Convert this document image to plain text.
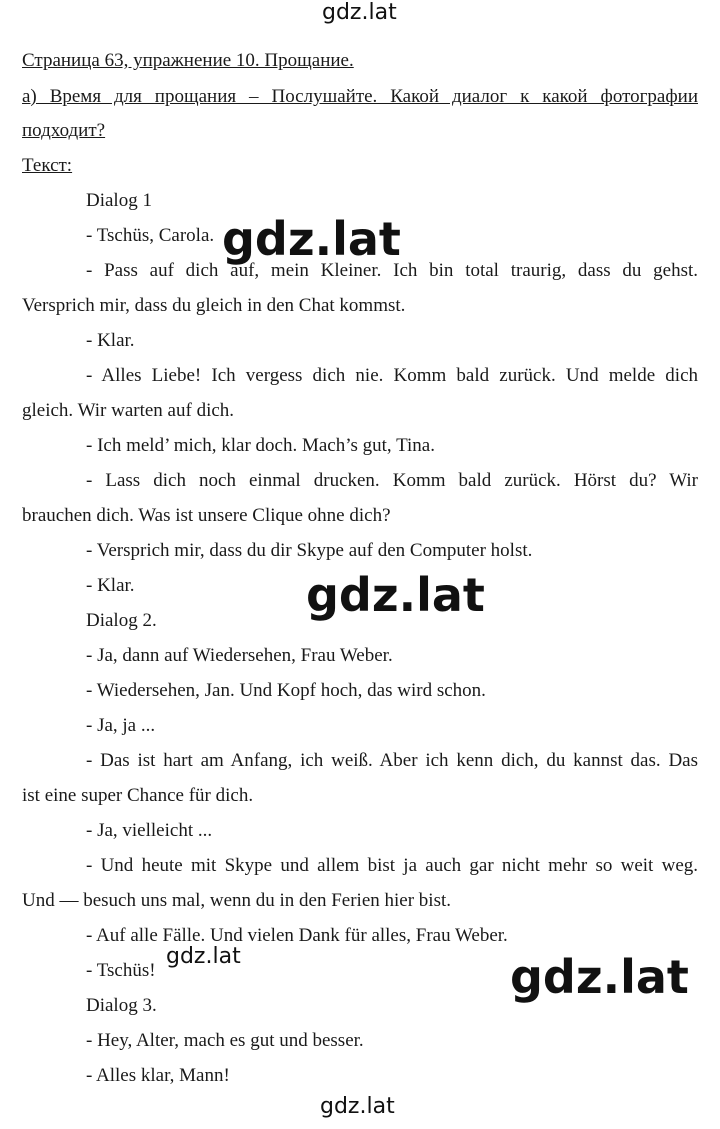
gdz.lat
Страница 63, упражнение 10. Прощание.
а) Время для прощания – Послушайте. Какой диалог к какой фотографии
подходит?
Текст:
Dialog 1
- Tschüs, Carola.
- Pass auf dich auf, mein Kleiner. Ich bin total traurig, dass du gehst.
Versprich mir, dass du gleich in den Chat kommst.
- Klar.
- Alles Liebe! Ich vergess dich nie. Komm bald zurück. Und melde dich
gleich. Wir warten auf dich.
- Ich meld’ mich, klar doch. Mach’s gut, Tina.
- Lass dich noch einmal drucken. Komm bald zurück. Hörst du? Wir
brauchen dich. Was ist unsere Clique ohne dich?
- Versprich mir, dass du dir Skype auf den Computer holst.
- Klar.
Dialog 2.
- Ja, dann auf Wiedersehen, Frau Weber.
- Wiedersehen, Jan. Und Kopf hoch, das wird schon.
- Ja, ja ...
- Das ist hart am Anfang, ich weiß. Aber ich kenn dich, du kannst das. Das
ist eine super Chance für dich.
- Ja, vielleicht ...
- Und heute mit Skype und allem bist ja auch gar nicht mehr so weit weg.
Und — besuch uns mal, wenn du in den Ferien hier bist.
- Auf alle Fälle. Und vielen Dank für alles, Frau Weber.
- Tschüs!
Dialog 3.
- Hey, Alter, mach es gut und besser.
- Alles klar, Mann!
gdz.lat
gdz.lat
gdz.lat	gdz.lat
gdz.lat
